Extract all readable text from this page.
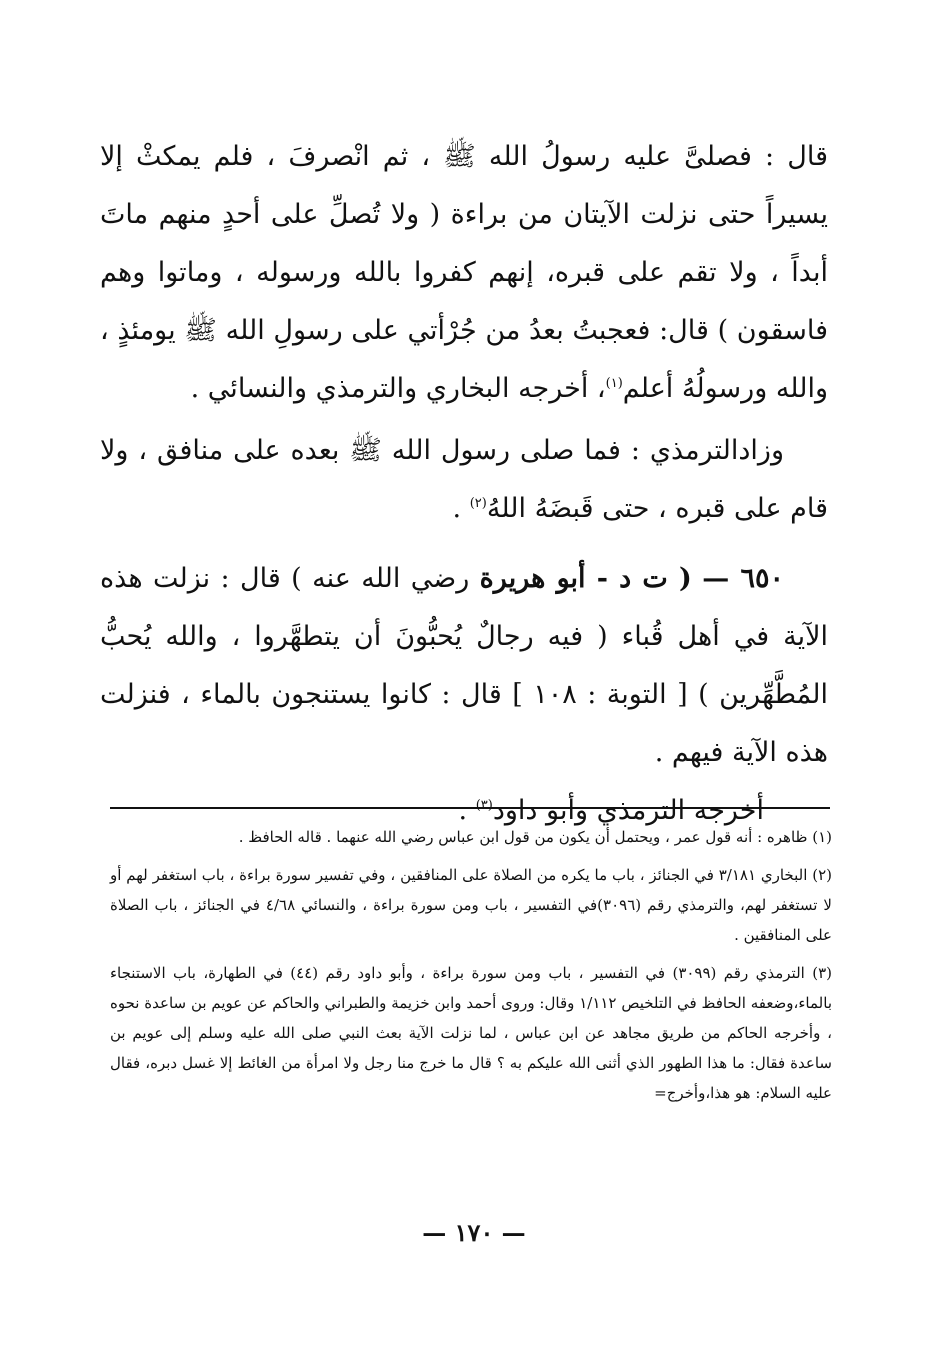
قال : فصلىَّ عليه رسولُ الله ﷺ ، ثم انْصرفَ ، فلم يمكثْ إلا يسيراً حتى نزلت الآيتان من براءة ( ولا تُصلِّ على أحدٍ منهم ماتَ أبداً ، ولا تقم على قبره، إنهم كفروا بالله ورسوله ، وماتوا وهم فاسقون ) قال: فعجبتُ بعدُ من جُرْأتي على رسولِ الله ﷺ يومئذٍ ، والله ورسولُهُ أعلم$^{(١)}$، أخرجه البخاري والترمذي والنسائي .

وزادالترمذي : فما صلى رسول الله ﷺ بعده على منافق ، ولا قام على قبره ، حتى قَبضَهُ اللهُ$^{(٢)}$ .

٦٥٠ — ( ت د - أبو هريرة رضي الله عنه ) قال : نزلت هذه الآية في أهل قُباء ( فيه رجالٌ يُحبُّونَ أن يتطهَّروا ، والله يُحبُّ المُطَّهِّرين ) [ التوبة : ١٠٨ ] قال : كانوا يستنجون بالماء ، فنزلت هذه الآية فيهم .

أخرجه الترمذي وأبو داود$^{(٣)}$ .

(١) ظاهره : أنه قول عمر ، ويحتمل أن يكون من قول ابن عباس رضي الله عنهما . قاله الحافظ .

(٢) البخاري ٣/١٨١ في الجنائز ، باب ما يكره من الصلاة على المنافقين ، وفي تفسير سورة براءة ، باب استغفر لهم أو لا تستغفر لهم، والترمذي رقم (٣٠٩٦)في التفسير ، باب ومن سورة براءة ، والنسائي ٤/٦٨ في الجنائز ، باب الصلاة على المنافقين .

(٣) الترمذي رقم (٣٠٩٩) في التفسير ، باب ومن سورة براءة ، وأبو داود رقم (٤٤) في الطهارة، باب الاستنجاء بالماء،وضعفه الحافظ في التلخيص ١/١١٢ وقال: وروى أحمد وابن خزيمة والطبراني والحاكم عن عويم بن ساعدة نحوه ، وأخرجه الحاكم من طريق مجاهد عن ابن عباس ، لما نزلت الآية بعث النبي صلى الله عليه وسلم إلى عويم بن ساعدة فقال: ما هذا الطهور الذي أثنى الله عليكم به ؟ قال ما خرج منا رجل ولا امرأة من الغائط إلا غسل دبره، فقال عليه السلام: هو هذا،وأخرج=

— ١٧٠ —
